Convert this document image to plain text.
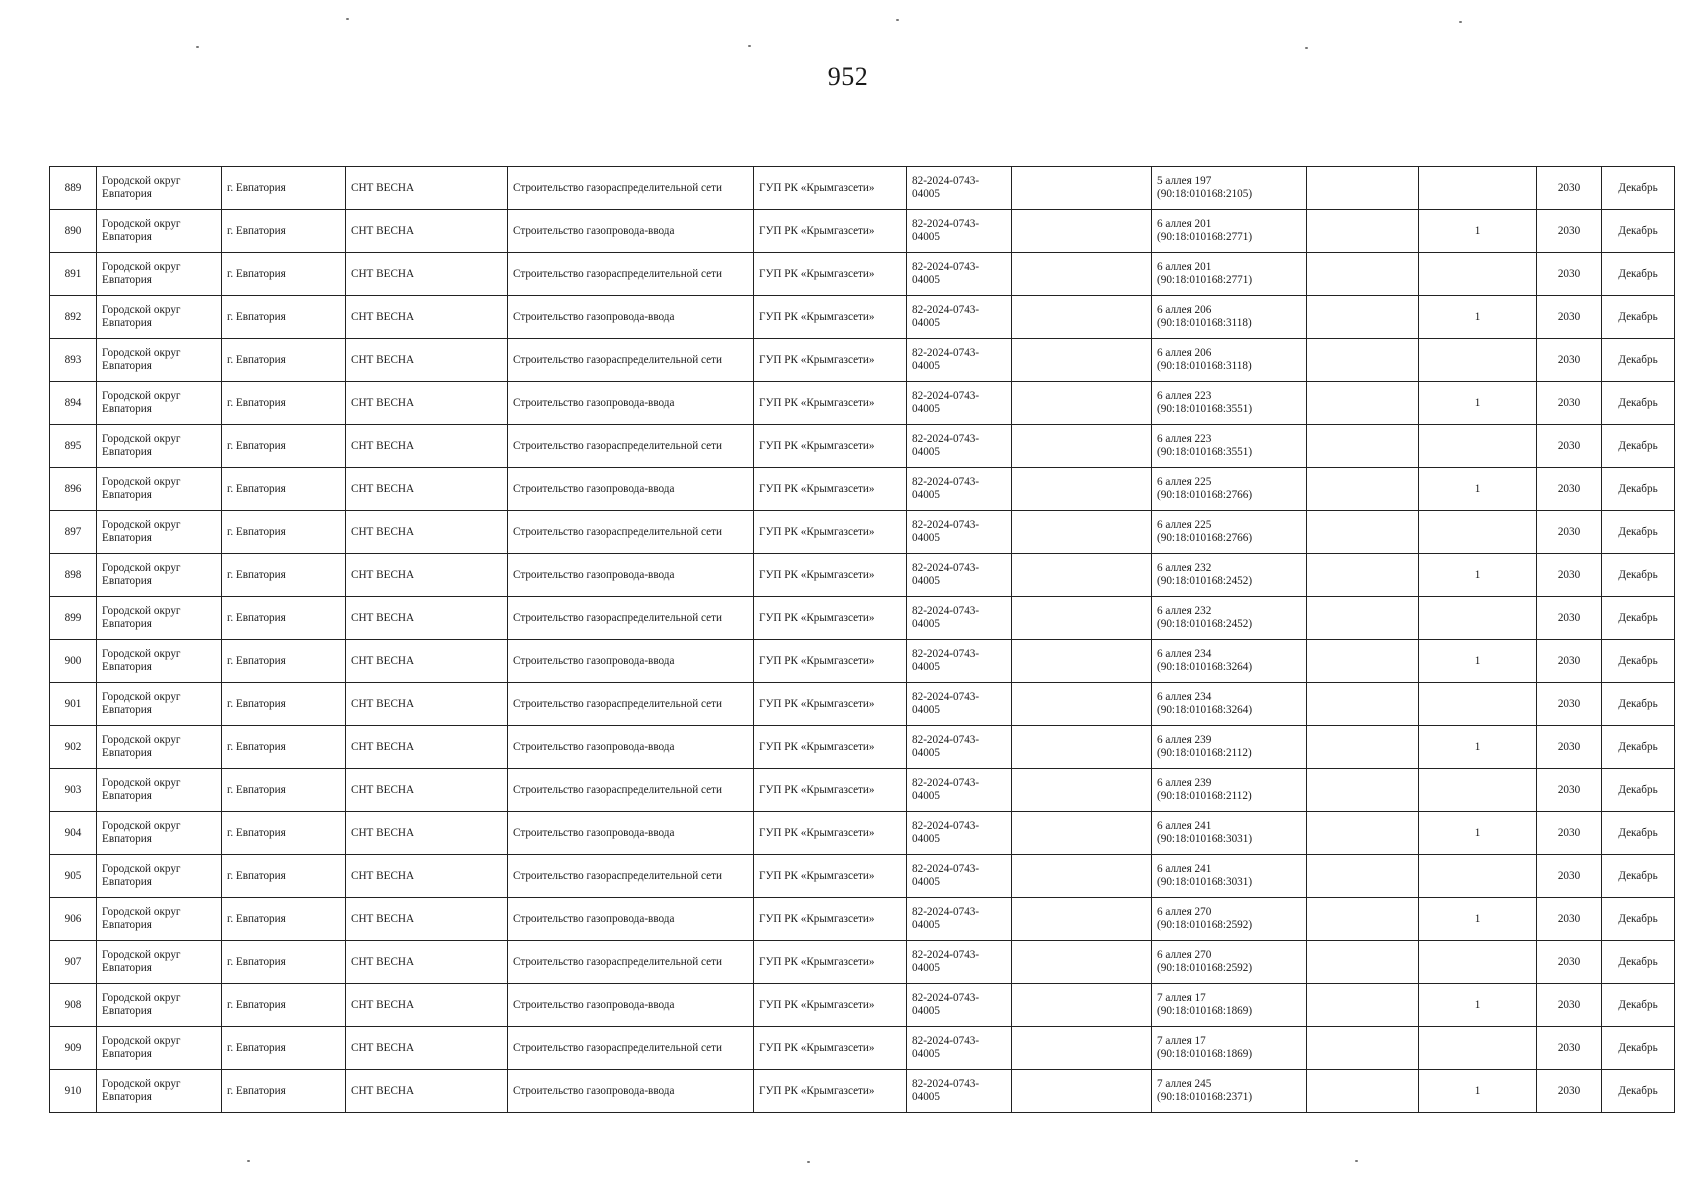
952
889	Городской округ Евпатория	г. Евпатория	СНТ ВЕСНА	Строительство газораспределительной сети	ГУП РК «Крымгазсети»	82-2024-0743-04005		5 аллея 197 (90:18:010168:2105)			2030	Декабрь
890	Городской округ Евпатория	г. Евпатория	СНТ ВЕСНА	Строительство газопровода-ввода	ГУП РК «Крымгазсети»	82-2024-0743-04005		6 аллея 201 (90:18:010168:2771)		1	2030	Декабрь
891	Городской округ Евпатория	г. Евпатория	СНТ ВЕСНА	Строительство газораспределительной сети	ГУП РК «Крымгазсети»	82-2024-0743-04005		6 аллея 201 (90:18:010168:2771)			2030	Декабрь
892	Городской округ Евпатория	г. Евпатория	СНТ ВЕСНА	Строительство газопровода-ввода	ГУП РК «Крымгазсети»	82-2024-0743-04005		6 аллея 206 (90:18:010168:3118)		1	2030	Декабрь
893	Городской округ Евпатория	г. Евпатория	СНТ ВЕСНА	Строительство газораспределительной сети	ГУП РК «Крымгазсети»	82-2024-0743-04005		6 аллея 206 (90:18:010168:3118)			2030	Декабрь
894	Городской округ Евпатория	г. Евпатория	СНТ ВЕСНА	Строительство газопровода-ввода	ГУП РК «Крымгазсети»	82-2024-0743-04005		6 аллея 223 (90:18:010168:3551)		1	2030	Декабрь
895	Городской округ Евпатория	г. Евпатория	СНТ ВЕСНА	Строительство газораспределительной сети	ГУП РК «Крымгазсети»	82-2024-0743-04005		6 аллея 223 (90:18:010168:3551)			2030	Декабрь
896	Городской округ Евпатория	г. Евпатория	СНТ ВЕСНА	Строительство газопровода-ввода	ГУП РК «Крымгазсети»	82-2024-0743-04005		6 аллея 225 (90:18:010168:2766)		1	2030	Декабрь
897	Городской округ Евпатория	г. Евпатория	СНТ ВЕСНА	Строительство газораспределительной сети	ГУП РК «Крымгазсети»	82-2024-0743-04005		6 аллея 225 (90:18:010168:2766)			2030	Декабрь
898	Городской округ Евпатория	г. Евпатория	СНТ ВЕСНА	Строительство газопровода-ввода	ГУП РК «Крымгазсети»	82-2024-0743-04005		6 аллея 232 (90:18:010168:2452)		1	2030	Декабрь
899	Городской округ Евпатория	г. Евпатория	СНТ ВЕСНА	Строительство газораспределительной сети	ГУП РК «Крымгазсети»	82-2024-0743-04005		6 аллея 232 (90:18:010168:2452)			2030	Декабрь
900	Городской округ Евпатория	г. Евпатория	СНТ ВЕСНА	Строительство газопровода-ввода	ГУП РК «Крымгазсети»	82-2024-0743-04005		6 аллея 234 (90:18:010168:3264)		1	2030	Декабрь
901	Городской округ Евпатория	г. Евпатория	СНТ ВЕСНА	Строительство газораспределительной сети	ГУП РК «Крымгазсети»	82-2024-0743-04005		6 аллея 234 (90:18:010168:3264)			2030	Декабрь
902	Городской округ Евпатория	г. Евпатория	СНТ ВЕСНА	Строительство газопровода-ввода	ГУП РК «Крымгазсети»	82-2024-0743-04005		6 аллея 239 (90:18:010168:2112)		1	2030	Декабрь
903	Городской округ Евпатория	г. Евпатория	СНТ ВЕСНА	Строительство газораспределительной сети	ГУП РК «Крымгазсети»	82-2024-0743-04005		6 аллея 239 (90:18:010168:2112)			2030	Декабрь
904	Городской округ Евпатория	г. Евпатория	СНТ ВЕСНА	Строительство газопровода-ввода	ГУП РК «Крымгазсети»	82-2024-0743-04005		6 аллея 241 (90:18:010168:3031)		1	2030	Декабрь
905	Городской округ Евпатория	г. Евпатория	СНТ ВЕСНА	Строительство газораспределительной сети	ГУП РК «Крымгазсети»	82-2024-0743-04005		6 аллея 241 (90:18:010168:3031)			2030	Декабрь
906	Городской округ Евпатория	г. Евпатория	СНТ ВЕСНА	Строительство газопровода-ввода	ГУП РК «Крымгазсети»	82-2024-0743-04005		6 аллея 270 (90:18:010168:2592)		1	2030	Декабрь
907	Городской округ Евпатория	г. Евпатория	СНТ ВЕСНА	Строительство газораспределительной сети	ГУП РК «Крымгазсети»	82-2024-0743-04005		6 аллея 270 (90:18:010168:2592)			2030	Декабрь
908	Городской округ Евпатория	г. Евпатория	СНТ ВЕСНА	Строительство газопровода-ввода	ГУП РК «Крымгазсети»	82-2024-0743-04005		7 аллея 17 (90:18:010168:1869)		1	2030	Декабрь
909	Городской округ Евпатория	г. Евпатория	СНТ ВЕСНА	Строительство газораспределительной сети	ГУП РК «Крымгазсети»	82-2024-0743-04005		7 аллея 17 (90:18:010168:1869)			2030	Декабрь
910	Городской округ Евпатория	г. Евпатория	СНТ ВЕСНА	Строительство газопровода-ввода	ГУП РК «Крымгазсети»	82-2024-0743-04005		7 аллея 245 (90:18:010168:2371)		1	2030	Декабрь
